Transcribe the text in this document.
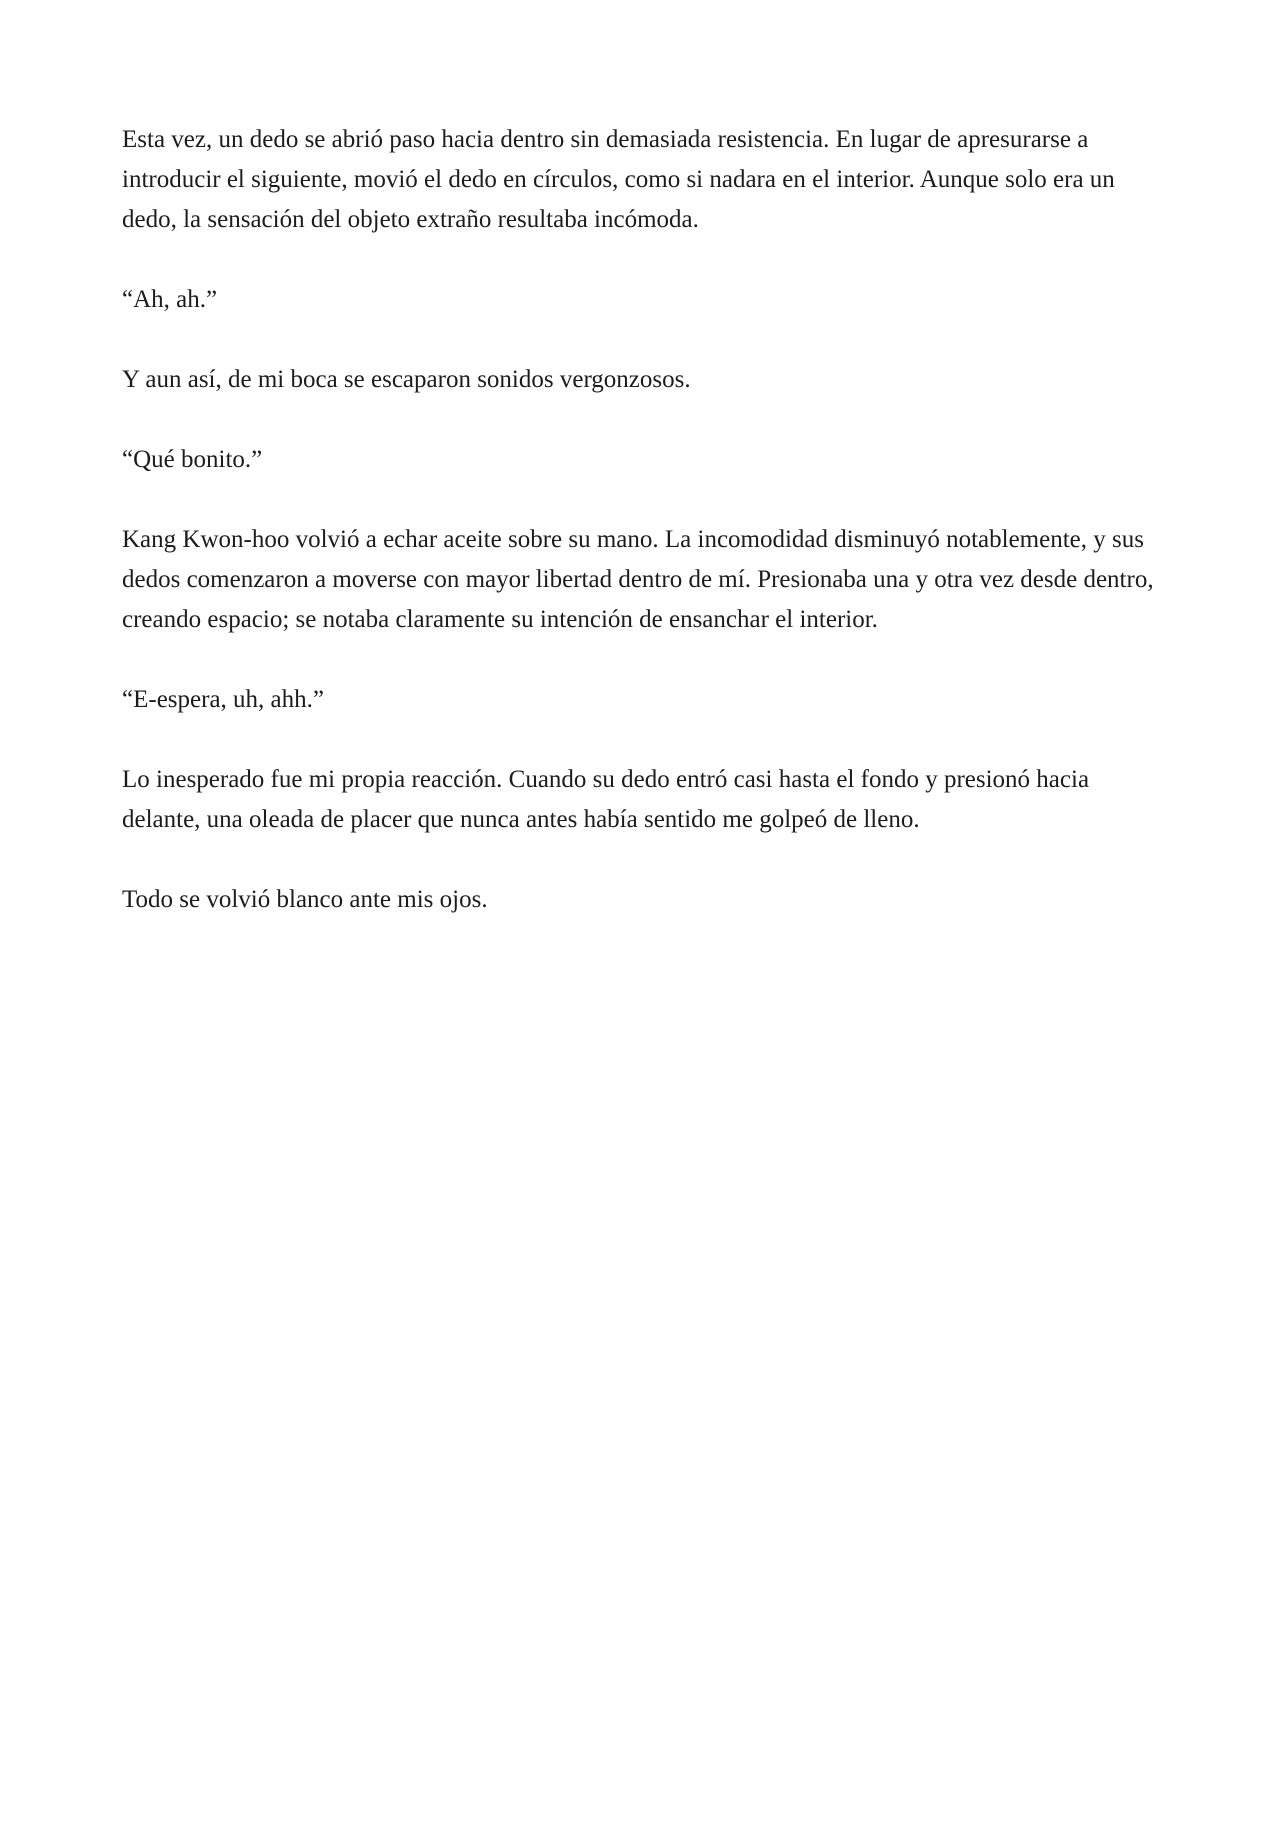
Esta vez, un dedo se abrió paso hacia dentro sin demasiada resistencia. En lugar de apresurarse a introducir el siguiente, movió el dedo en círculos, como si nadara en el interior. Aunque solo era un dedo, la sensación del objeto extraño resultaba incómoda.

“Ah, ah.”

Y aun así, de mi boca se escaparon sonidos vergonzosos.

“Qué bonito.”

Kang Kwon-hoo volvió a echar aceite sobre su mano. La incomodidad disminuyó notablemente, y sus dedos comenzaron a moverse con mayor libertad dentro de mí. Presionaba una y otra vez desde dentro, creando espacio; se notaba claramente su intención de ensanchar el interior.

“E-espera, uh, ahh.”

Lo inesperado fue mi propia reacción. Cuando su dedo entró casi hasta el fondo y presionó hacia delante, una oleada de placer que nunca antes había sentido me golpeó de lleno.

Todo se volvió blanco ante mis ojos.
